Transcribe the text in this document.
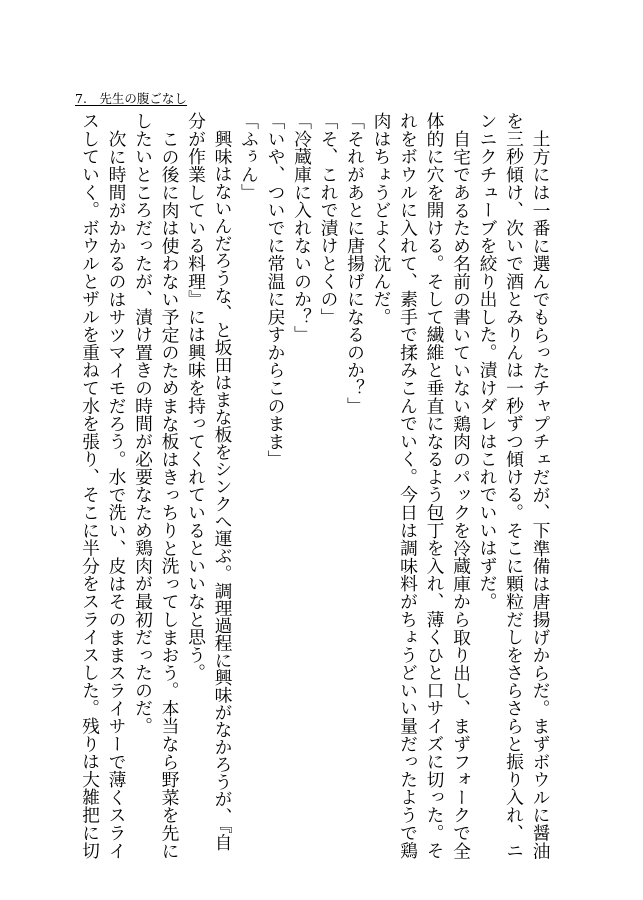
7.　先生の腹ごなし
土方には一番に選んでもらったチャプチェだが、下準備は唐揚げからだ。まずボウルに醤油
を三秒傾け、次いで酒とみりんは一秒ずつ傾ける。そこに顆粒だしをさらさらと振り入れ、ニ
ンニクチューブを絞り出した。漬けダレはこれでいいはずだ。
自宅であるため名前の書いていない鶏肉のパックを冷蔵庫から取り出し、まずフォークで全
体的に穴を開ける。そして繊維と垂直になるよう包丁を入れ、薄くひと口サイズに切った。そ
れをボウルに入れて、素手で揉みこんでいく。今日は調味料がちょうどいい量だったようで鶏
肉はちょうどよく沈んだ。
「それがあとに唐揚げになるのか？」
「そ、これで漬けとくの」
「冷蔵庫に入れないのか？」
「いや、ついでに常温に戻すからこのまま」
「ふぅん」
興味はないんだろうな、と坂田はまな板をシンクへ運ぶ。調理過程に興味がなかろうが、『自
分が作業している料理』には興味を持ってくれているといいなと思う。
この後に肉は使わない予定のためまな板はきっちりと洗ってしまおう。本当なら野菜を先に
したいところだったが、漬け置きの時間が必要なため鶏肉が最初だったのだ。
次に時間がかかるのはサツマイモだろう。水で洗い、皮はそのままスライサーで薄くスライ
スしていく。ボウルとザルを重ねて水を張り、そこに半分をスライスした。残りは大雑把に切
